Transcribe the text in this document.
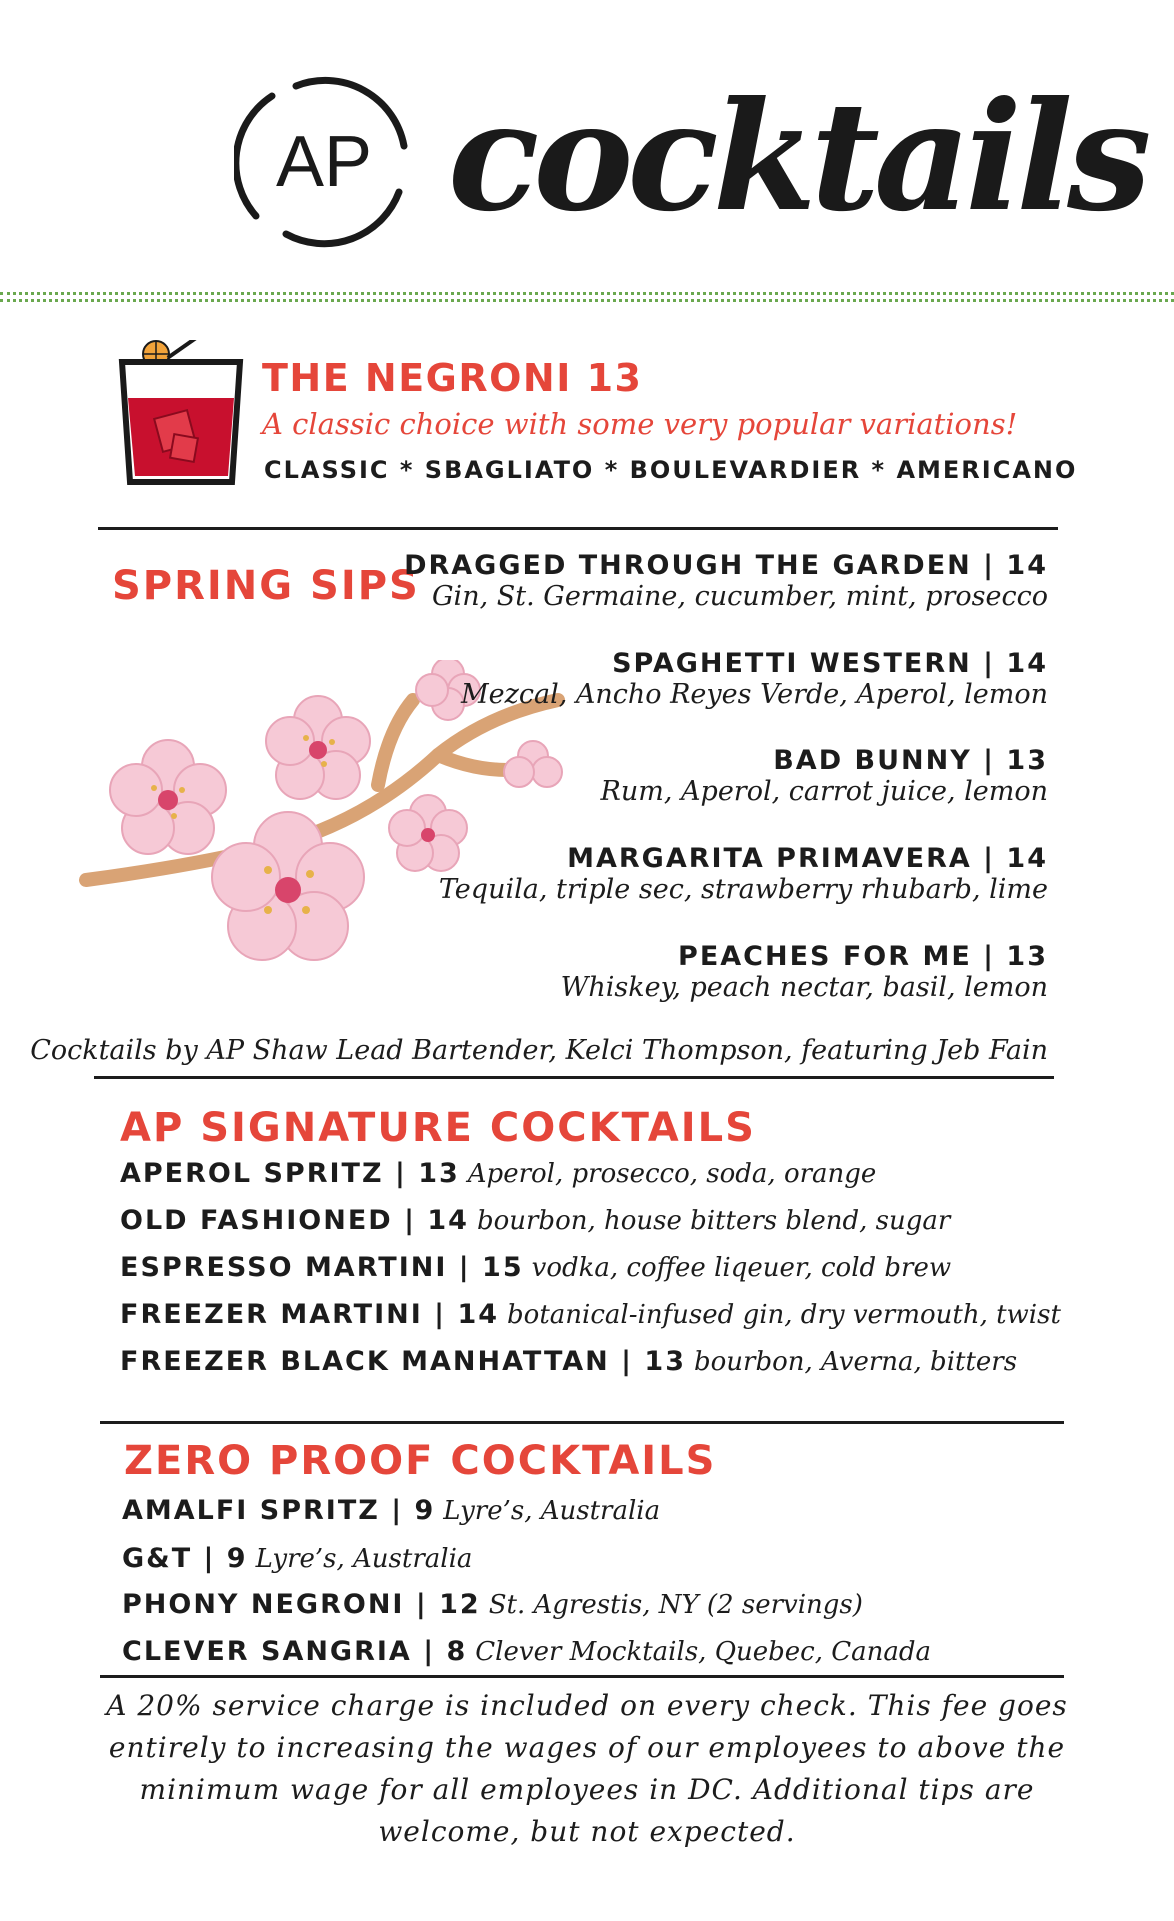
AP cocktails
THE NEGRONI 13
A classic choice with some very popular variations!
CLASSIC * SBAGLIATO * BOULEVARDIER * AMERICANO
SPRING SIPS
DRAGGED THROUGH THE GARDEN | 14
Gin, St. Germaine, cucumber, mint, prosecco
SPAGHETTI WESTERN | 14
Mezcal, Ancho Reyes Verde, Aperol, lemon
BAD BUNNY | 13
Rum, Aperol, carrot juice, lemon
MARGARITA PRIMAVERA | 14
Tequila, triple sec, strawberry rhubarb, lime
PEACHES FOR ME | 13
Whiskey, peach nectar, basil, lemon
Cocktails by AP Shaw Lead Bartender, Kelci Thompson, featuring Jeb Fain
AP SIGNATURE COCKTAILS
APEROL SPRITZ | 13 Aperol, prosecco, soda, orange
OLD FASHIONED | 14 bourbon, house bitters blend, sugar
ESPRESSO MARTINI | 15 vodka, coffee liqeuer, cold brew
FREEZER MARTINI | 14 botanical-infused gin, dry vermouth, twist
FREEZER BLACK MANHATTAN | 13 bourbon, Averna, bitters
ZERO PROOF COCKTAILS
AMALFI SPRITZ | 9 Lyre’s, Australia
G&T | 9 Lyre’s, Australia
PHONY NEGRONI | 12 St. Agrestis, NY (2 servings)
CLEVER SANGRIA | 8 Clever Mocktails, Quebec, Canada
A 20% service charge is included on every check. This fee goes entirely to increasing the wages of our employees to above the minimum wage for all employees in DC. Additional tips are welcome, but not expected.
